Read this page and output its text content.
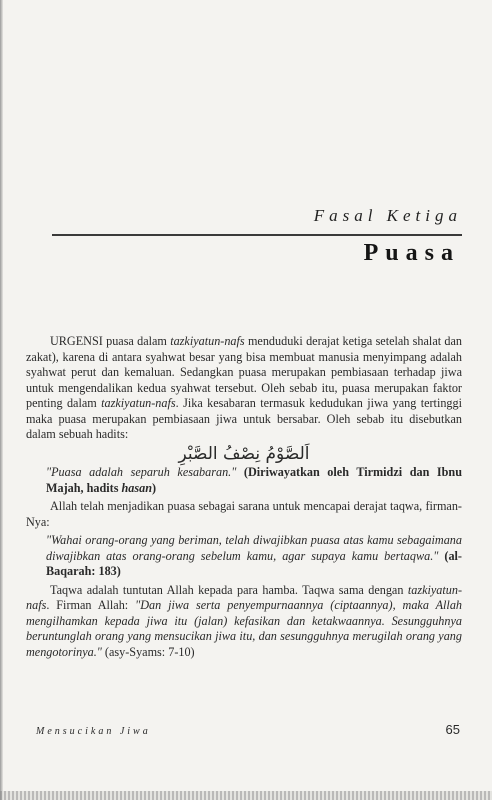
Fasal Ketiga
Puasa

URGENSI puasa dalam tazkiyatun-nafs menduduki derajat ketiga setelah shalat dan zakat), karena di antara syahwat besar yang bisa membuat manusia menyimpang adalah syahwat perut dan kemaluan. Sedangkan puasa merupakan pembiasaan terhadap jiwa untuk mengendalikan kedua syahwat tersebut. Oleh sebab itu, puasa merupakan faktor penting dalam tazkiyatun-nafs. Jika kesabaran termasuk kedudukan jiwa yang tertinggi maka puasa merupakan pembiasaan jiwa untuk bersabar. Oleh sebab itu disebutkan dalam sebuah hadits:

اَلصَّوْمُ نِصْفُ الصَّبْرِ

"Puasa adalah separuh kesabaran." (Diriwayatkan oleh Tirmidzi dan Ibnu Majah, hadits hasan)

Allah telah menjadikan puasa sebagai sarana untuk mencapai derajat taqwa, firman-Nya:

"Wahai orang-orang yang beriman, telah diwajibkan puasa atas kamu sebagaimana diwajibkan atas orang-orang sebelum kamu, agar supaya kamu bertaqwa." (al-Baqarah: 183)

Taqwa adalah tuntutan Allah kepada para hamba. Taqwa sama dengan tazkiyatun-nafs. Firman Allah: "Dan jiwa serta penyempurnaannya (ciptaannya), maka Allah mengilhamkan kepada jiwa itu (jalan) kefasikan dan ketakwaannya. Sesungguhnya beruntunglah orang yang mensucikan jiwa itu, dan sesungguhnya merugilah orang yang mengotorinya." (asy-Syams: 7-10)

Mensucikan Jiwa	65
